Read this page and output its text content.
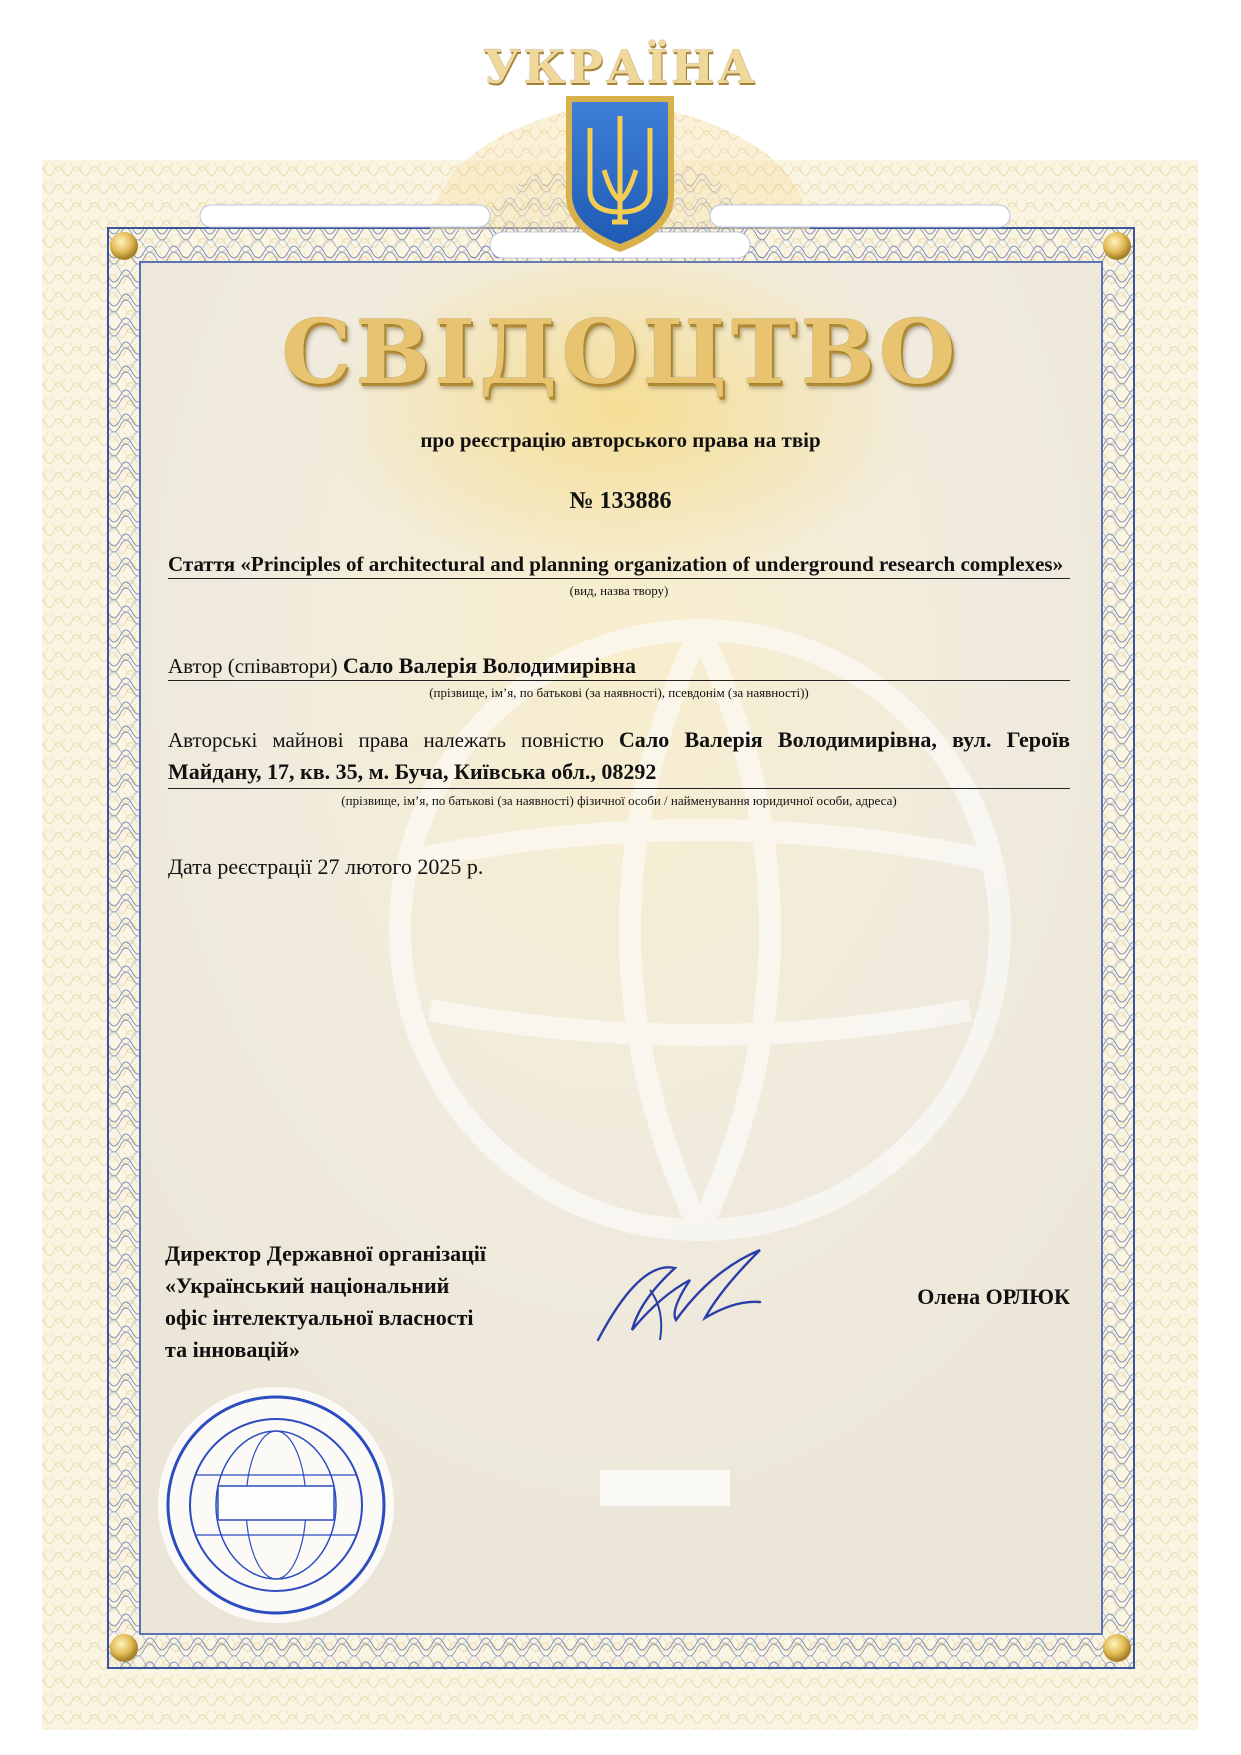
УКРАЇНА
СВІДОЦТВО
про реєстрацію авторського права на твір
№ 133886
Стаття «Principles of architectural and planning organization of underground research complexes»
(вид, назва твору)
Автор (співавтори) Сало Валерія Володимирівна
(прізвище, ім’я, по батькові (за наявності), псевдонім (за наявності))
Авторські майнові права належать повністю Сало Валерія Володимирівна, вул. Героїв Майдану, 17, кв. 35, м. Буча, Київська обл., 08292
(прізвище, ім’я, по батькові (за наявності) фізичної особи / найменування юридичної особи, адреса)
Дата реєстрації 27 лютого 2025 р.
Директор Державної організації
«Український національний
офіс інтелектуальної власності
та інновацій»
Олена ОРЛЮК
